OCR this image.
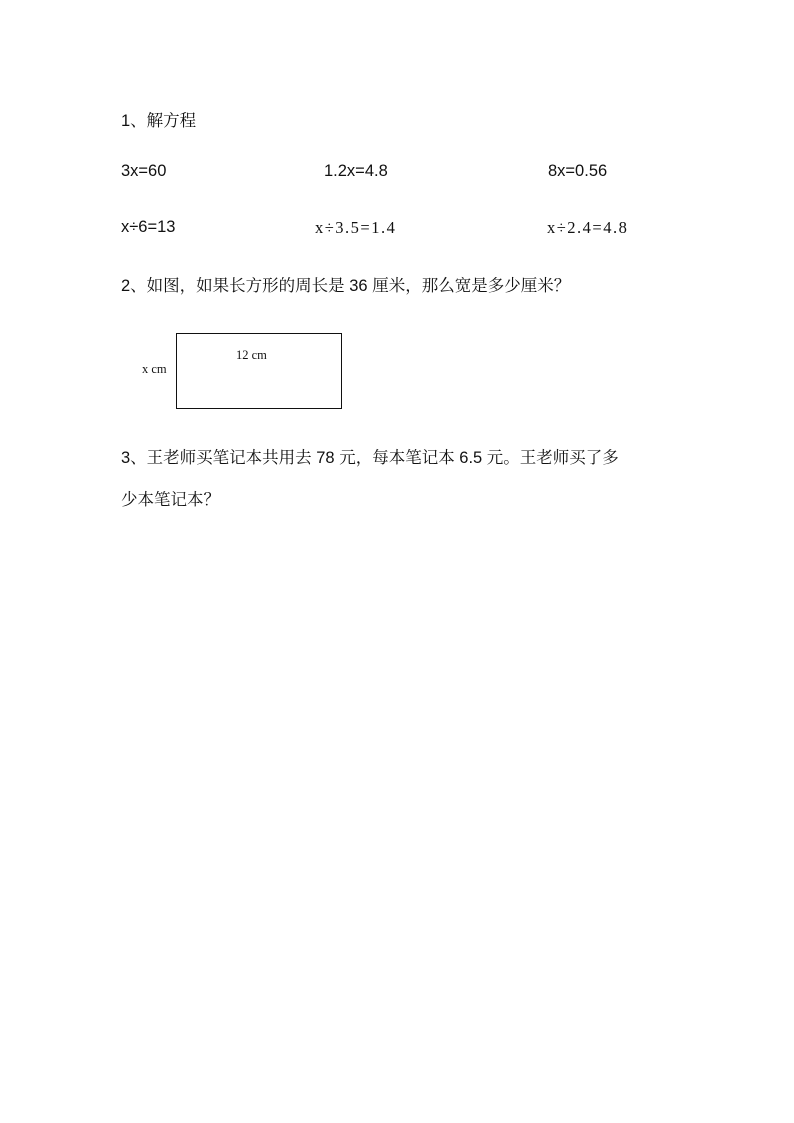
1、解方程
3x=60	1.2x=4.8	8x=0.56
x÷6=13	x÷3.5=1.4	x÷2.4=4.8
2、如图，如果长方形的周长是 36 厘米，那么宽是多少厘米？
12 cm
x cm
3、王老师买笔记本共用去 78 元，每本笔记本 6.5 元。王老师买了多
少本笔记本？
